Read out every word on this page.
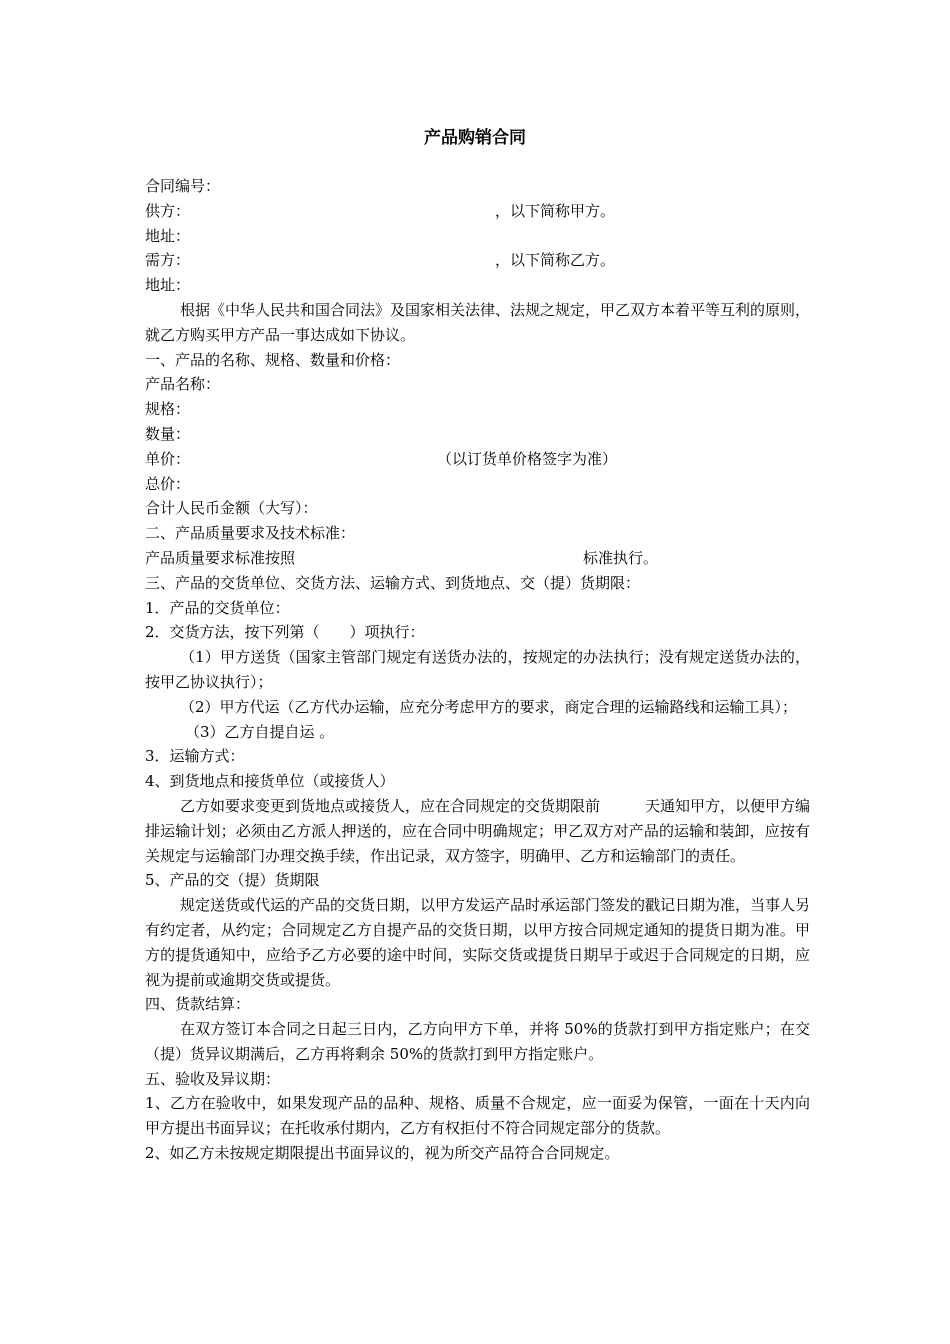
产品购销合同
合同编号：
供方：	，以下简称甲方。
地址：
需方：	，以下简称乙方。
地址：
根据《中华人民共和国合同法》及国家相关法律、法规之规定，甲乙双方本着平等互利的原则，就乙方购买甲方产品一事达成如下协议。
一、产品的名称、规格、数量和价格：
产品名称：
规格：
数量：
单价：	（以订货单价格签字为准）
总价：
合计人民币金额（大写）：
二、产品质量要求及技术标准：
产品质量要求标准按照	标准执行。
三、产品的交货单位、交货方法、运输方式、到货地点、交（提）货期限：
1．产品的交货单位：
2．交货方法，按下列第（　　）项执行：
（1）甲方送货（国家主管部门规定有送货办法的，按规定的办法执行；没有规定送货办法的，按甲乙协议执行）；
（2）甲方代运（乙方代办运输，应充分考虑甲方的要求，商定合理的运输路线和运输工具）；
（3）乙方自提自运 。
3．运输方式：
4、到货地点和接货单位（或接货人）
乙方如要求变更到货地点或接货人，应在合同规定的交货期限前　　　天通知甲方，以便甲方编排运输计划；必须由乙方派人押送的，应在合同中明确规定；甲乙双方对产品的运输和装卸，应按有关规定与运输部门办理交换手续，作出记录，双方签字，明确甲、乙方和运输部门的责任。
5、产品的交（提）货期限
规定送货或代运的产品的交货日期，以甲方发运产品时承运部门签发的戳记日期为准，当事人另有约定者，从约定；合同规定乙方自提产品的交货日期，以甲方按合同规定通知的提货日期为准。甲方的提货通知中，应给予乙方必要的途中时间，实际交货或提货日期早于或迟于合同规定的日期，应视为提前或逾期交货或提货。
四、货款结算：
在双方签订本合同之日起三日内，乙方向甲方下单，并将 50%的货款打到甲方指定账户；在交（提）货异议期满后，乙方再将剩余 50%的货款打到甲方指定账户。
五、验收及异议期：
1、乙方在验收中，如果发现产品的品种、规格、质量不合规定，应一面妥为保管，一面在十天内向甲方提出书面异议；在托收承付期内，乙方有权拒付不符合同规定部分的货款。
2、如乙方未按规定期限提出书面异议的，视为所交产品符合合同规定。
